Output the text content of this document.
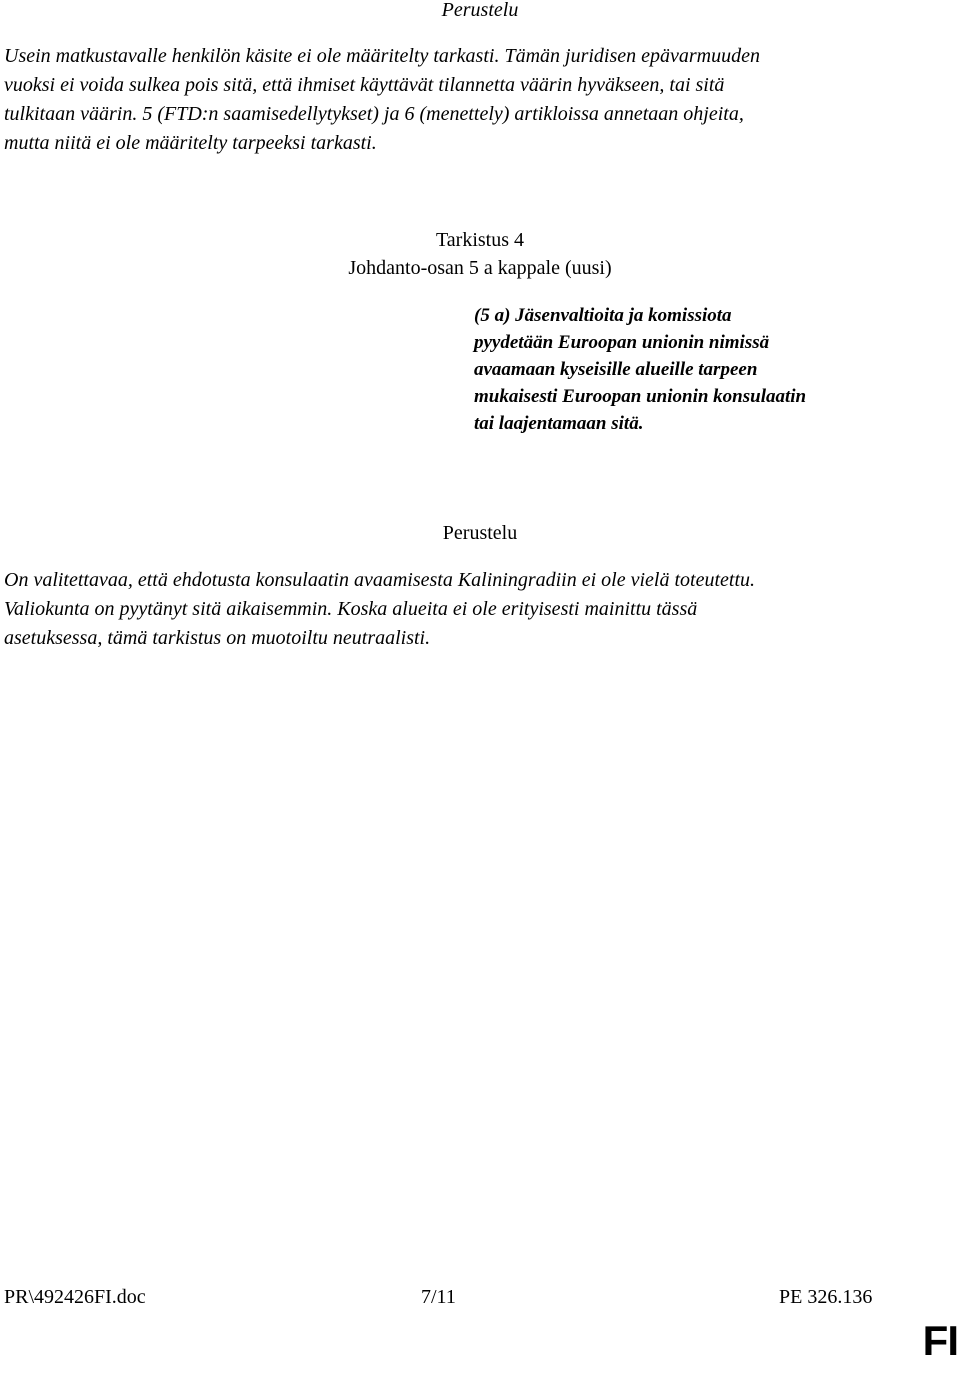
Perustelu
Usein matkustavalle henkilön käsite ei ole määritelty tarkasti. Tämän juridisen epävarmuuden
vuoksi ei voida sulkea pois sitä, että ihmiset käyttävät tilannetta väärin hyväkseen, tai sitä
tulkitaan väärin. 5 (FTD:n saamisedellytykset) ja 6 (menettely) artikloissa annetaan ohjeita,
mutta niitä ei ole määritelty tarpeeksi tarkasti.
Tarkistus 4
Johdanto-osan 5 a kappale (uusi)
(5 a) Jäsenvaltioita ja komissiota
pyydetään Euroopan unionin nimissä
avaamaan kyseisille alueille tarpeen
mukaisesti Euroopan unionin konsulaatin
tai laajentamaan sitä.
Perustelu
On valitettavaa, että ehdotusta konsulaatin avaamisesta Kaliningradiin ei ole vielä toteutettu.
Valiokunta on pyytänyt sitä aikaisemmin. Koska alueita ei ole erityisesti mainittu tässä
asetuksessa, tämä tarkistus on muotoiltu neutraalisti.
PR\492426FI.doc	7/11	PE 326.136
FI
